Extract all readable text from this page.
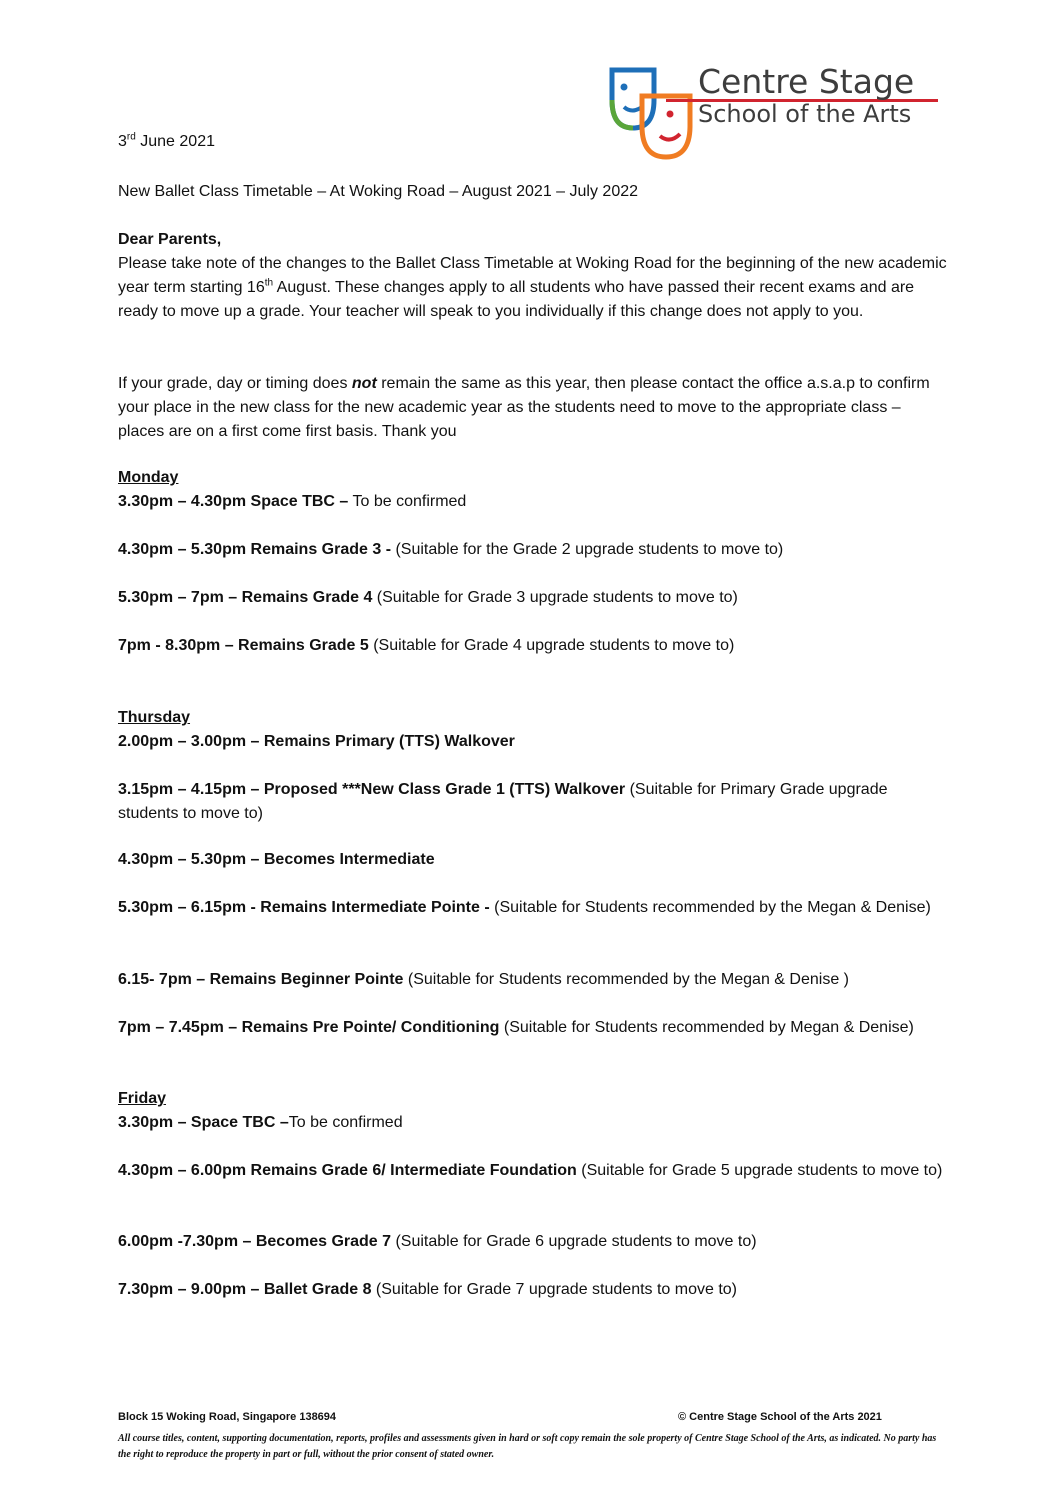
Centre Stage
School of the Arts
3rd June 2021
New Ballet Class Timetable – At Woking Road – August 2021 – July 2022
Dear Parents,
Please take note of the changes to the Ballet Class Timetable at Woking Road for the beginning of the new academic year term starting 16th August. These changes apply to all students who have passed their recent exams and are ready to move up a grade. Your teacher will speak to you individually if this change does not apply to you.
If your grade, day or timing does not remain the same as this year, then please contact the office a.s.a.p to confirm your place in the new class for the new academic year as the students need to move to the appropriate class – places are on a first come first basis. Thank you
Monday
3.30pm – 4.30pm Space TBC – To be confirmed
4.30pm – 5.30pm Remains Grade 3 - (Suitable for the Grade 2 upgrade students to move to)
5.30pm – 7pm – Remains Grade 4 (Suitable for Grade 3 upgrade students to move to)
7pm - 8.30pm – Remains Grade 5 (Suitable for Grade 4 upgrade students to move to)
Thursday
2.00pm – 3.00pm – Remains Primary (TTS) Walkover
3.15pm – 4.15pm – Proposed ***New Class Grade 1 (TTS) Walkover (Suitable for Primary Grade upgrade students to move to)
4.30pm – 5.30pm – Becomes Intermediate
5.30pm – 6.15pm - Remains Intermediate Pointe - (Suitable for Students recommended by the Megan & Denise)
6.15- 7pm – Remains Beginner Pointe (Suitable for Students recommended by the Megan & Denise )
7pm – 7.45pm – Remains Pre Pointe/ Conditioning (Suitable for Students recommended by Megan & Denise)
Friday
3.30pm – Space TBC –To be confirmed
4.30pm – 6.00pm Remains Grade 6/ Intermediate Foundation (Suitable for Grade 5 upgrade students to move to)
6.00pm -7.30pm – Becomes Grade 7 (Suitable for Grade 6 upgrade students to move to)
7.30pm – 9.00pm – Ballet Grade 8 (Suitable for Grade 7 upgrade students to move to)
Block 15 Woking Road, Singapore 138694	© Centre Stage School of the Arts 2021
All course titles, content, supporting documentation, reports, profiles and assessments given in hard or soft copy remain the sole property of Centre Stage School of the Arts, as indicated. No party has the right to reproduce the property in part or full, without the prior consent of stated owner.
